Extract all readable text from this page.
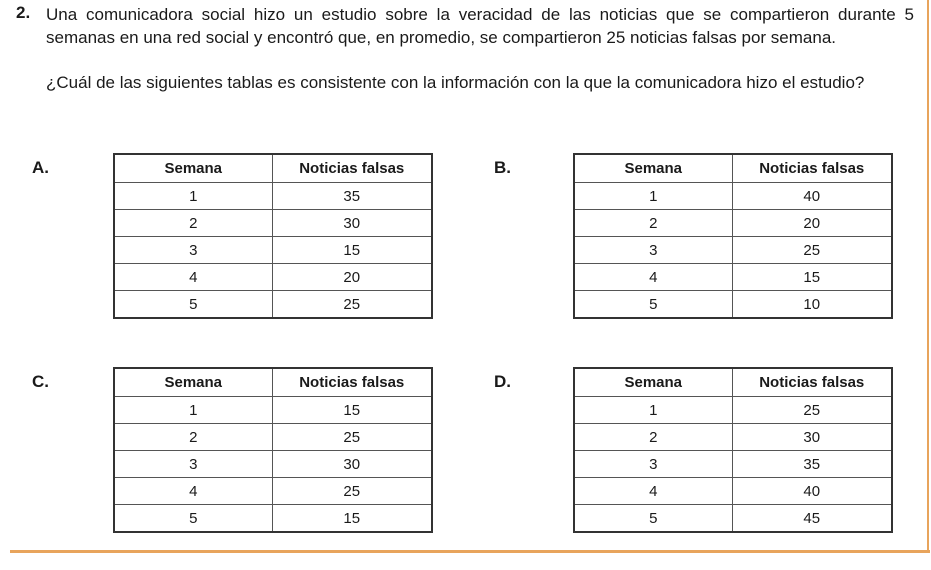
2. Una comunicadora social hizo un estudio sobre la veracidad de las noticias que se compartieron durante 5 semanas en una red social y encontró que, en promedio, se compartieron 25 noticias falsas por semana.

¿Cuál de las siguientes tablas es consistente con la información con la que la comunicadora hizo el estudio?

A.	Semana	Noticias falsas
1	35
2	30
3	15
4	20
5	25
B.	Semana	Noticias falsas
1	40
2	20
3	25
4	15
5	10
C.	Semana	Noticias falsas
1	15
2	25
3	30
4	25
5	15
D.	Semana	Noticias falsas
1	25
2	30
3	35
4	40
5	45
